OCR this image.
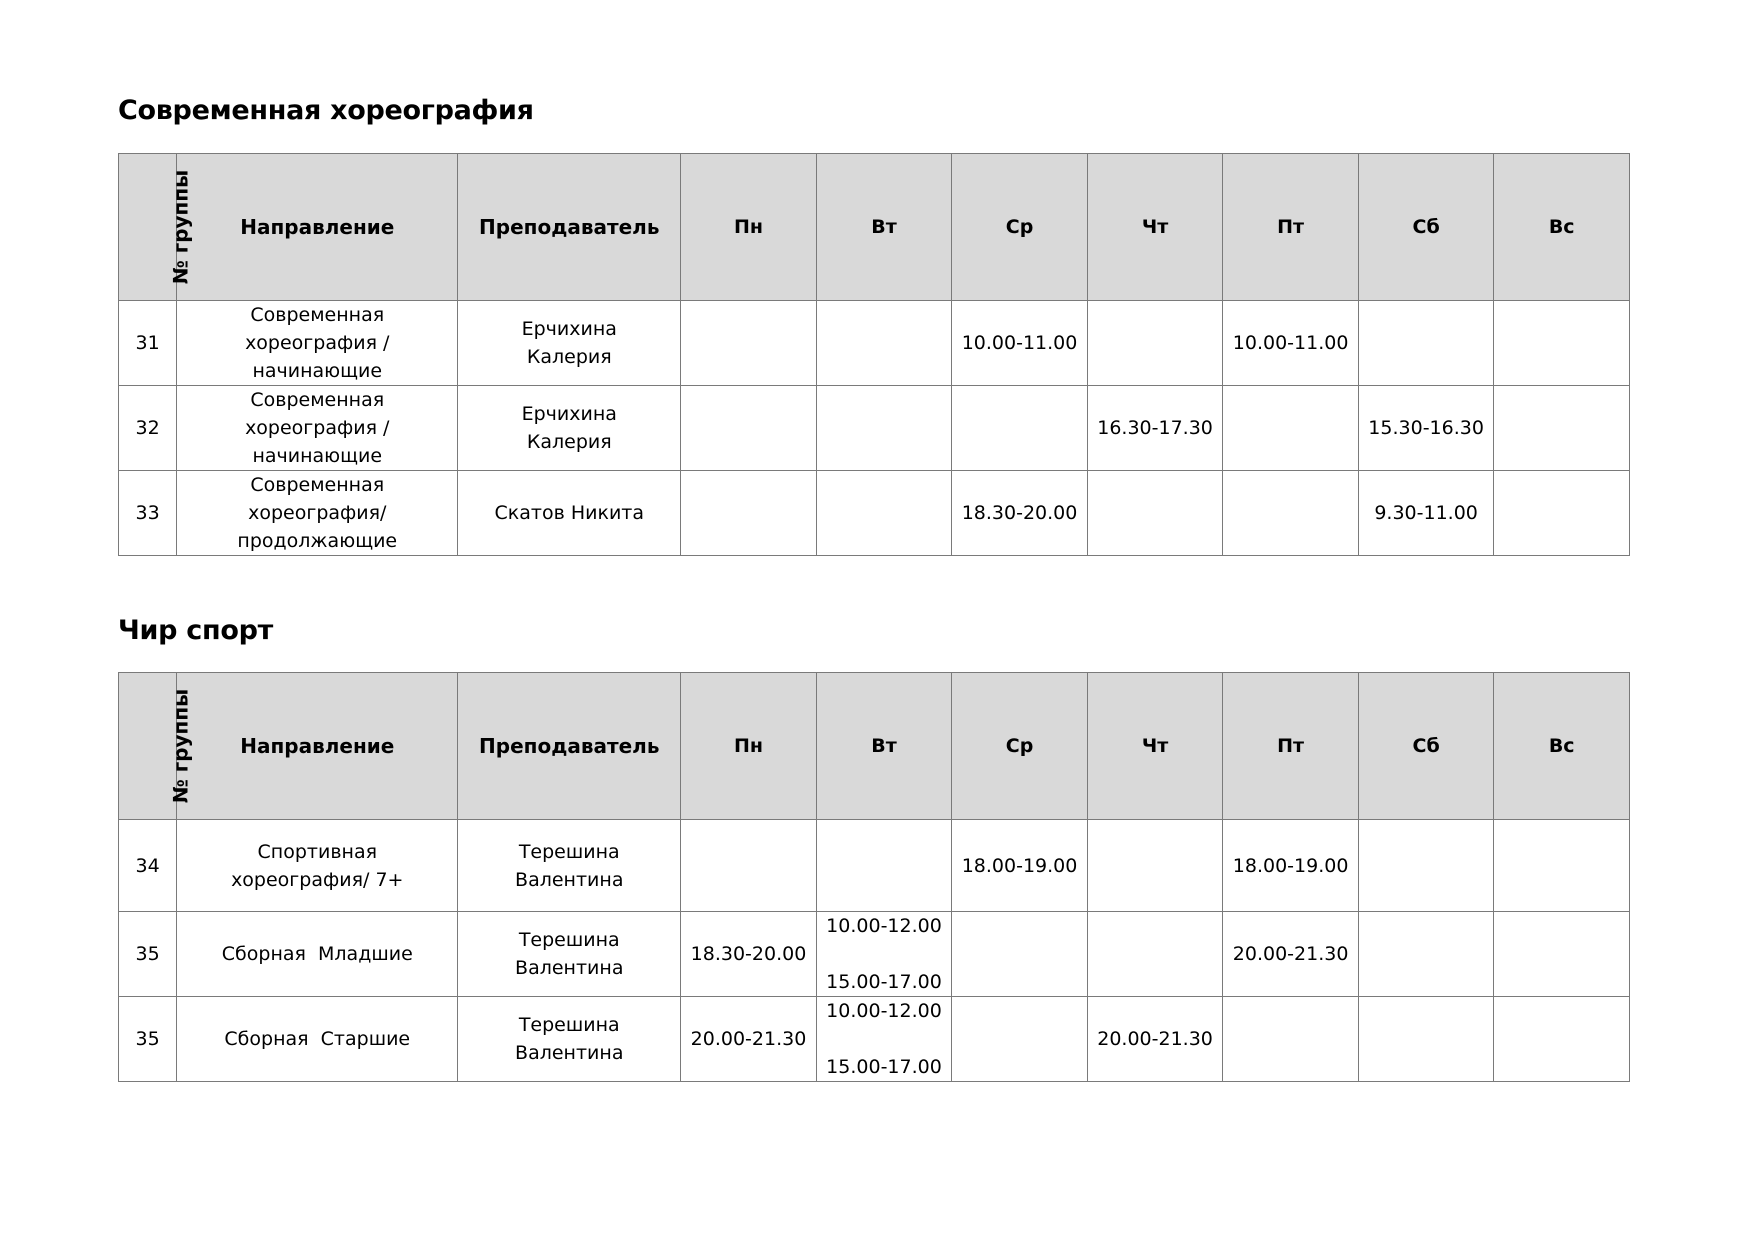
Современная хореография
№ группы	Направление	Преподаватель	Пн	Вт	Ср	Чт	Пт	Сб	Вс
31	Современная
хореография /
начинающие	Ерчихина
Калерия			10.00-11.00		10.00-11.00		
32	Современная
хореография /
начинающие	Ерчихина
Калерия				16.30-17.30		15.30-16.30	
33	Современная
хореография/
продолжающие	Скатов Никита			18.30-20.00			9.30-11.00	
Чир спорт
№ группы	Направление	Преподаватель	Пн	Вт	Ср	Чт	Пт	Сб	Вс
34	Спортивная
хореография/ 7+	Терешина
Валентина			18.00-19.00		18.00-19.00		
35	Сборная  Младшие	Терешина
Валентина	18.30-20.00	10.00-12.00
15.00-17.00			20.00-21.30		
35	Сборная  Старшие	Терешина
Валентина	20.00-21.30	10.00-12.00
15.00-17.00		20.00-21.30			
